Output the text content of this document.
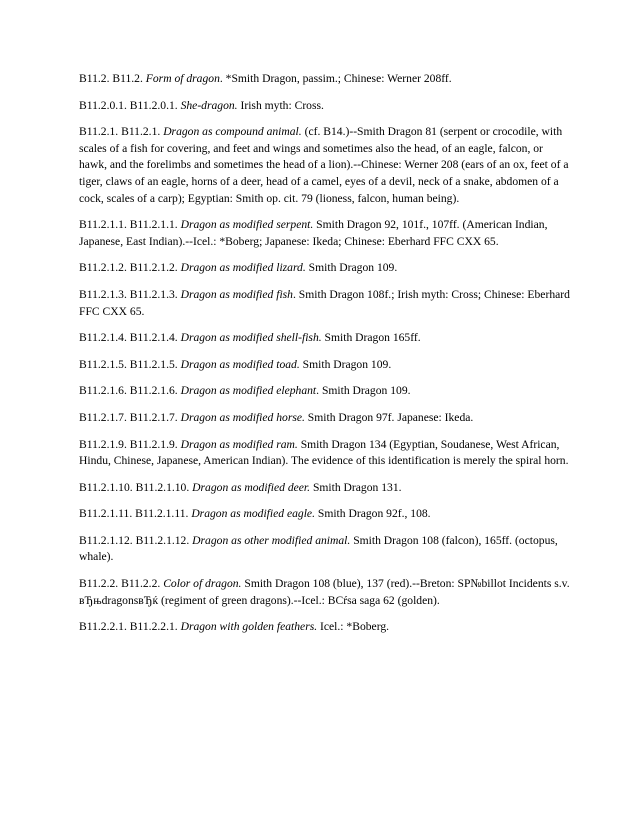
B11.2. B11.2. Form of dragon. *Smith Dragon, passim.; Chinese: Werner 208ff.

B11.2.0.1. B11.2.0.1. She-dragon. Irish myth: Cross.

B11.2.1. B11.2.1. Dragon as compound animal. (cf. B14.)--Smith Dragon 81 (serpent or crocodile, with scales of a fish for covering, and feet and wings and sometimes also the head, of an eagle, falcon, or hawk, and the forelimbs and sometimes the head of a lion).--Chinese: Werner 208 (ears of an ox, feet of a tiger, claws of an eagle, horns of a deer, head of a camel, eyes of a devil, neck of a snake, abdomen of a cock, scales of a carp); Egyptian: Smith op. cit. 79 (lioness, falcon, human being).

B11.2.1.1. B11.2.1.1. Dragon as modified serpent. Smith Dragon 92, 101f., 107ff. (American Indian, Japanese, East Indian).--Icel.: *Boberg; Japanese: Ikeda; Chinese: Eberhard FFC CXX 65.

B11.2.1.2. B11.2.1.2. Dragon as modified lizard. Smith Dragon 109.

B11.2.1.3. B11.2.1.3. Dragon as modified fish. Smith Dragon 108f.; Irish myth: Cross; Chinese: Eberhard FFC CXX 65.

B11.2.1.4. B11.2.1.4. Dragon as modified shell-fish. Smith Dragon 165ff.

B11.2.1.5. B11.2.1.5. Dragon as modified toad. Smith Dragon 109.

B11.2.1.6. B11.2.1.6. Dragon as modified elephant. Smith Dragon 109.

B11.2.1.7. B11.2.1.7. Dragon as modified horse. Smith Dragon 97f. Japanese: Ikeda.

B11.2.1.9. B11.2.1.9. Dragon as modified ram. Smith Dragon 134 (Egyptian, Soudanese, West African, Hindu, Chinese, Japanese, American Indian). The evidence of this identification is merely the spiral horn.

B11.2.1.10. B11.2.1.10. Dragon as modified deer. Smith Dragon 131.

B11.2.1.11. B11.2.1.11. Dragon as modified eagle. Smith Dragon 92f., 108.

B11.2.1.12. B11.2.1.12. Dragon as other modified animal. Smith Dragon 108 (falcon), 165ff. (octopus, whale).

B11.2.2. B11.2.2. Color of dragon. Smith Dragon 108 (blue), 137 (red).--Breton: SP№billot Incidents s.v. вЂњdragonsвЂќ (regiment of green dragons).--Icel.: BCŕsa saga 62 (golden).

B11.2.2.1. B11.2.2.1. Dragon with golden feathers. Icel.: *Boberg.
